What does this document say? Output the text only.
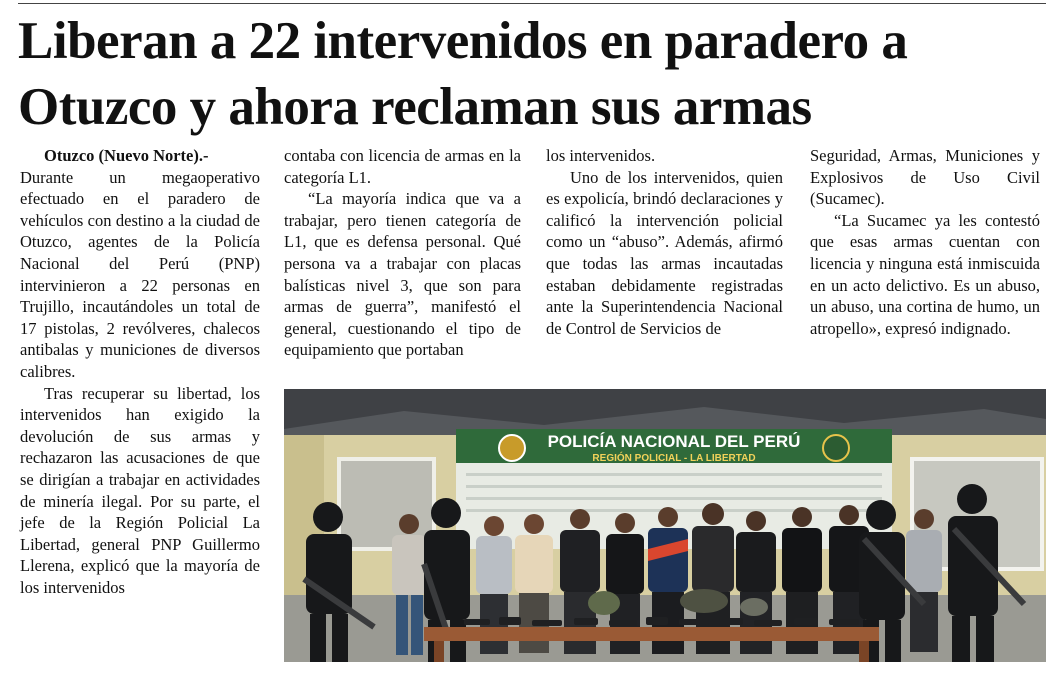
Liberan a 22 intervenidos en paradero a
Otuzco y ahora reclaman sus armas

Otuzco (Nuevo Norte).-
Durante un megaoperativo efectuado en el paradero de vehículos con destino a la ciudad de Otuzco, agentes de la Policía Nacional del Perú (PNP) intervinieron a 22 personas en Trujillo, incautándoles un total de 17 pistolas, 2 revólveres, chalecos antibalas y municiones de diversos calibres.

Tras recuperar su libertad, los intervenidos han exigido la devolución de sus armas y rechazaron las acusaciones de que se dirigían a trabajar en actividades de minería ilegal. Por su parte, el jefe de la Región Policial La Libertad, general PNP Guillermo Llerena, explicó que la mayoría de los intervenidos

contaba con licencia de armas en la categoría L1.

“La mayoría indica que va a trabajar, pero tienen categoría de L1, que es defensa personal. Qué persona va a trabajar con placas balísticas nivel 3, que son para armas de guerra”, manifestó el general, cuestionando el tipo de equipamiento que portaban

los intervenidos.

Uno de los intervenidos, quien es expolicía, brindó declaraciones y calificó la intervención policial como un “abuso”. Además, afirmó que todas las armas incautadas estaban debidamente registradas ante la Superintendencia Nacional de Control de Servicios de

Seguridad, Armas, Municiones y Explosivos de Uso Civil (Sucamec).

“La Sucamec ya les contestó que esas armas cuentan con licencia y ninguna está inmiscuida en un acto delictivo. Es un abuso, un abuso, una cortina de humo, un atropello», expresó indignado.

POLICÍA NACIONAL DEL PERÚ
REGIÓN POLICIAL - LA LIBERTAD
